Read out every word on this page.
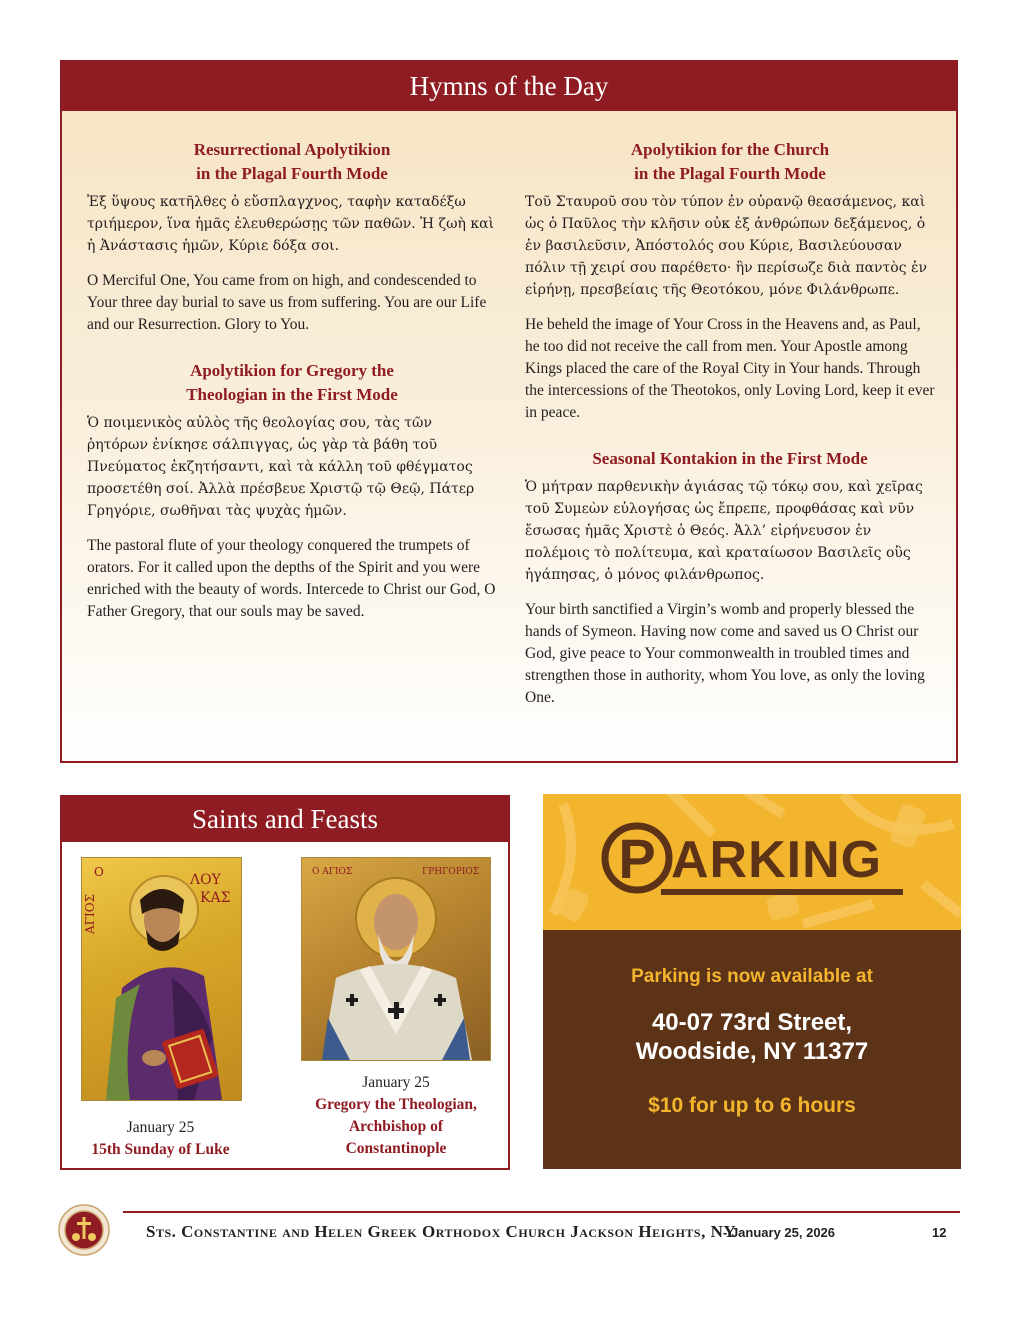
Hymns of the Day
Resurrectional Apolytikion
in the Plagal Fourth Mode

Ἐξ ὕψους κατῆλθες ὁ εὔσπλαγχνος, ταφὴν καταδέξω τριήμερον, ἵνα ἡμᾶς ἐλευθερώσῃς τῶν παθῶν. Ἡ ζωὴ καὶ ἡ Ἀνάστασις ἡμῶν, Κύριε δόξα σοι.

O Merciful One, You came from on high, and condescended to Your three day burial to save us from suffering. You are our Life and our Resurrection. Glory to You.

Apolytikion for Gregory the
Theologian in the First Mode

Ὁ ποιμενικὸς αὐλὸς τῆς θεολογίας σου, τὰς τῶν ῥητόρων ἐνίκησε σάλπιγγας, ὡς γὰρ τὰ βάθη τοῦ Πνεύματος ἐκζητήσαντι, καὶ τὰ κάλλη τοῦ φθέγματος προσετέθη σοί. Ἀλλὰ πρέσβευε Χριστῷ τῷ Θεῷ, Πάτερ Γρηγόριε, σωθῆναι τὰς ψυχὰς ἡμῶν.

The pastoral flute of your theology conquered the trumpets of orators. For it called upon the depths of the Spirit and you were enriched with the beauty of words. Intercede to Christ our God, O Father Gregory, that our souls may be saved.

Apolytikion for the Church
in the Plagal Fourth Mode

Τοῦ Σταυροῦ σου τὸν τύπον ἐν οὐρανῷ θεασάμενος, καὶ ὡς ὁ Παῦλος τὴν κλῆσιν οὐκ ἐξ ἀνθρώπων δεξάμενος, ὁ ἐν βασιλεῦσιν, Ἀπόστολός σου Κύριε, Βασιλεύουσαν πόλιν τῇ χειρί σου παρέθετο· ἣν περίσωζε διὰ παντὸς ἐν εἰρήνῃ, πρεσβείαις τῆς Θεοτόκου, μόνε Φιλάνθρωπε.

He beheld the image of Your Cross in the Heavens and, as Paul, he too did not receive the call from men. Your Apostle among Kings placed the care of the Royal City in Your hands. Through the intercessions of the Theotokos, only Loving Lord, keep it ever in peace.

Seasonal Kontakion in the First Mode

Ὁ μήτραν παρθενικὴν ἁγιάσας τῷ τόκῳ σου, καὶ χεῖρας τοῦ Συμεὼν εὐλογήσας ὡς ἔπρεπε, προφθάσας καὶ νῦν ἔσωσας ἡμᾶς Χριστὲ ὁ Θεός. Ἀλλ’ εἰρήνευσον ἐν πολέμοις τὸ πολίτευμα, καὶ κραταίωσον Βασιλεῖς οὓς ἠγάπησας, ὁ μόνος φιλάνθρωπος.

Your birth sanctified a Virgin’s womb and properly blessed the hands of Symeon. Having now come and saved us O Christ our God, give peace to Your commonwealth in troubled times and strengthen those in authority, whom You love, as only the loving One.

Saints and Feasts
Ο
ΑΓΙΟΣ
ΛΟΥ
ΚΑΣ
Ο ΑΓΙΟΣ	ΓΡΗΓΟΡΙΟΣ
January 25
15th Sunday of Luke
January 25
Gregory the Theologian,
Archbishop of
Constantinople
P ARKING
Parking is now available at
40-07 73rd Street,
Woodside, NY 11377
$10 for up to 6 hours
Sts. Constantine and Helen Greek Orthodox Church Jackson Heights, NY
- January 25, 2026	12
